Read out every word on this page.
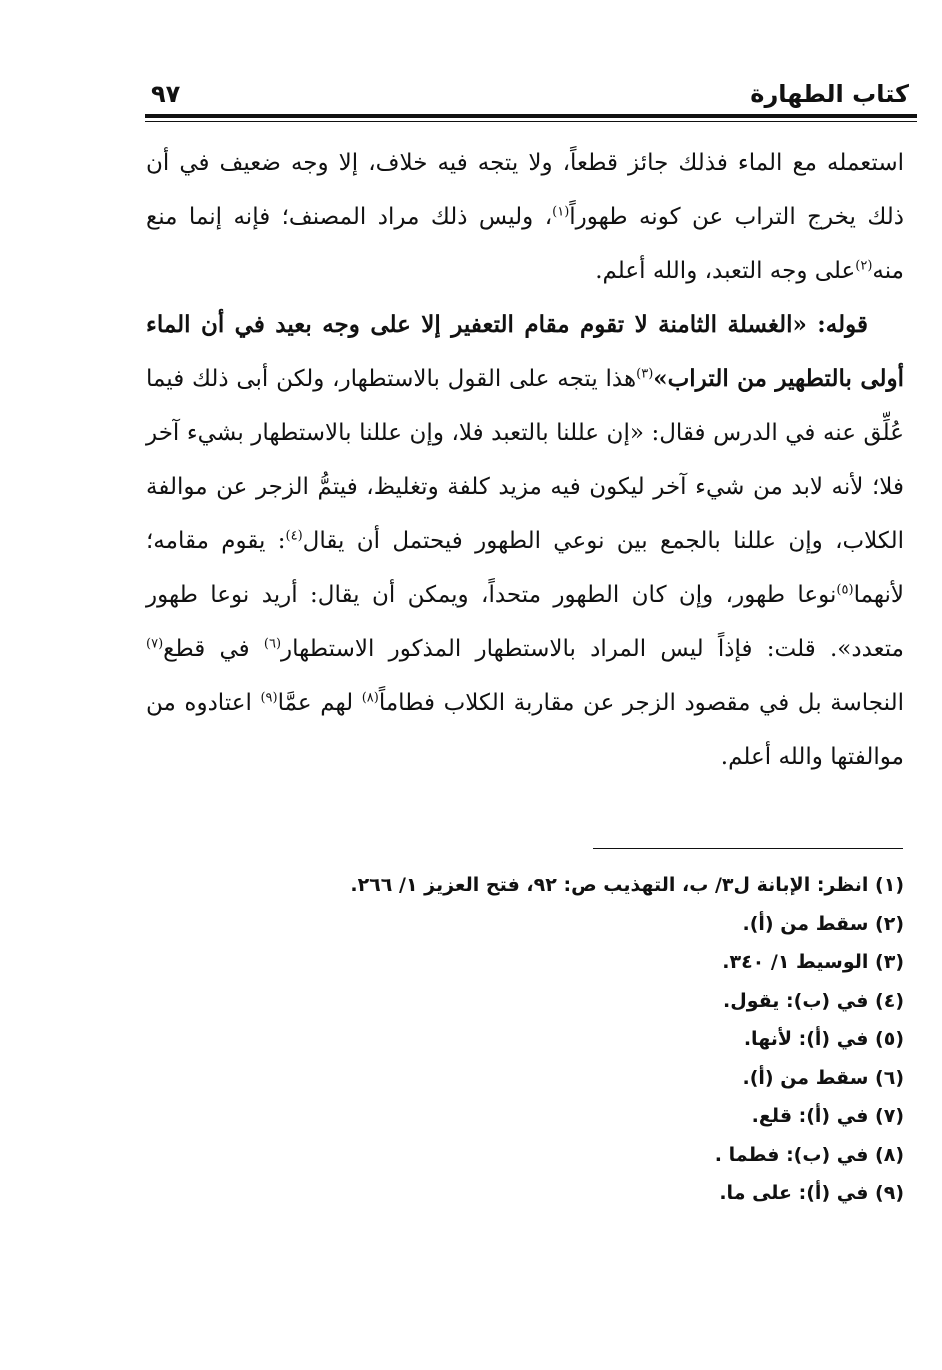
كتاب الطهارة
٩٧

استعمله مع الماء فذلك جائز قطعاً، ولا يتجه فيه خلاف، إلا وجه ضعيف في أن ذلك يخرج التراب عن كونه طهوراً$^{(١)}$، وليس ذلك مراد المصنف؛ فإنه إنما منع منه$^{(٢)}$على وجه التعبد، والله أعلم.

قوله: «الغسلة الثامنة لا تقوم مقام التعفير إلا على وجه بعيد في أن الماء أولى بالتطهير من التراب»$^{(٣)}$هذا يتجه على القول بالاستطهار، ولكن أبى ذلك فيما عُلِّق عنه في الدرس فقال: «إن عللنا بالتعبد فلا، وإن عللنا بالاستطهار بشيء آخر فلا؛ لأنه لابد من شيء آخر ليكون فيه مزيد كلفة وتغليظ، فيتمُّ الزجر عن موالفة الكلاب، وإن عللنا بالجمع بين نوعي الطهور فيحتمل أن يقال$^{(٤)}$: يقوم مقامه؛ لأنهما$^{(٥)}$نوعا طهور، وإن كان الطهور متحداً، ويمكن أن يقال: أريد نوعا طهور متعدد». قلت: فإذاً ليس المراد بالاستطهار المذكور الاستطهار$^{(٦)}$ في قطع$^{(٧)}$ النجاسة بل في مقصود الزجر عن مقاربة الكلاب فطاماً$^{(٨)}$ لهم عمَّا$^{(٩)}$ اعتادوه من موالفتها والله أعلم.

(١) انظر: الإبانة ل٣/ ب، التهذيب ص: ٩٢، فتح العزيز ١/ ٢٦٦.

(٢) سقط من (أ).

(٣) الوسيط ١/ ٣٤٠.

(٤) في (ب): يقول.

(٥) في (أ): لأنها.

(٦) سقط من (أ).

(٧) في (أ): قلع.

(٨) في (ب): فطما .

(٩) في (أ): على ما.
